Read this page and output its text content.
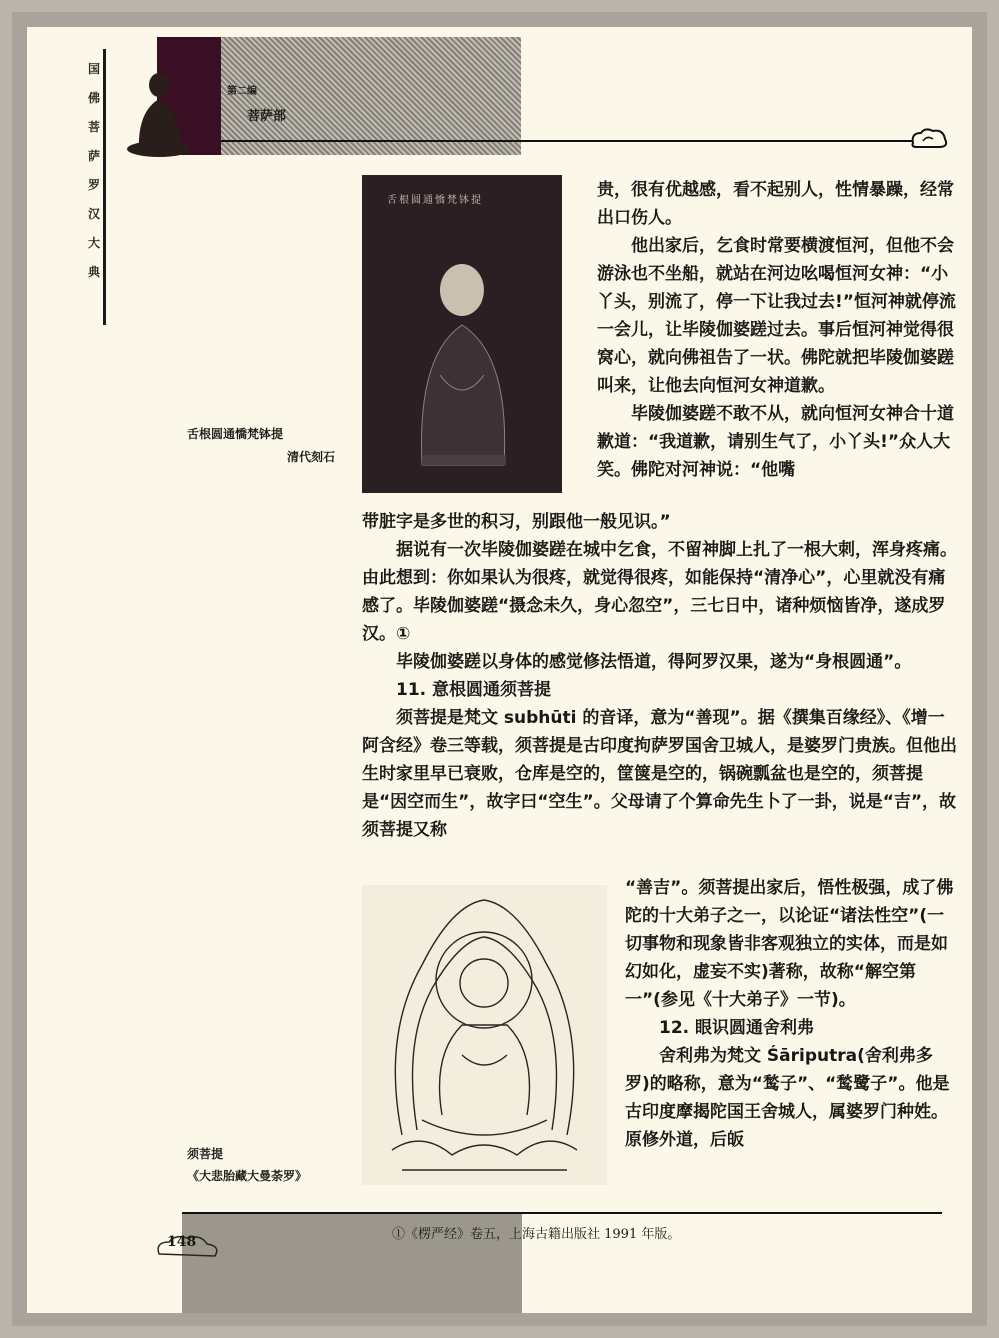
国
佛
菩
萨
罗
汉
大
典
第二编
菩萨部
舌根圆通憍梵钵提
舌根圆通憍梵钵提
清代刻石

贵，很有优越感，看不起别人，性情暴躁，经常出口伤人。

他出家后，乞食时常要横渡恒河，但他不会游泳也不坐船，就站在河边吆喝恒河女神：“小丫头，别流了，停一下让我过去!”恒河神就停流一会儿，让毕陵伽婆蹉过去。事后恒河神觉得很窝心，就向佛祖告了一状。佛陀就把毕陵伽婆蹉叫来，让他去向恒河女神道歉。

毕陵伽婆蹉不敢不从，就向恒河女神合十道歉道：“我道歉，请别生气了，小丫头!”众人大笑。佛陀对河神说：“他嘴

带脏字是多世的积习，别跟他一般见识。”

据说有一次毕陵伽婆蹉在城中乞食，不留神脚上扎了一根大刺，浑身疼痛。由此想到：你如果认为很疼，就觉得很疼，如能保持“清净心”，心里就没有痛感了。毕陵伽婆蹉“摄念未久，身心忽空”，三七日中，诸种烦恼皆净，遂成罗汉。①

毕陵伽婆蹉以身体的感觉修法悟道，得阿罗汉果，遂为“身根圆通”。

11. 意根圆通须菩提

须菩提是梵文 subhūti 的音译，意为“善现”。据《撰集百缘经》、《增一阿含经》卷三等载，须菩提是古印度拘萨罗国舍卫城人，是婆罗门贵族。但他出生时家里早已衰败，仓库是空的，筐箧是空的，锅碗瓢盆也是空的，须菩提是“因空而生”，故字曰“空生”。父母请了个算命先生卜了一卦，说是“吉”，故须菩提又称

须菩提
《大悲胎藏大曼荼罗》

“善吉”。须菩提出家后，悟性极强，成了佛陀的十大弟子之一，以论证“诸法性空”(一切事物和现象皆非客观独立的实体，而是如幻如化，虚妄不实)著称，故称“解空第一”(参见《十大弟子》一节)。

12. 眼识圆通舍利弗

舍利弗为梵文 Śāriputra(舍利弗多罗)的略称，意为“鹙子”、“鹙鹭子”。他是古印度摩揭陀国王舍城人，属婆罗门种姓。原修外道，后皈

148	①《楞严经》卷五，上海古籍出版社 1991 年版。
